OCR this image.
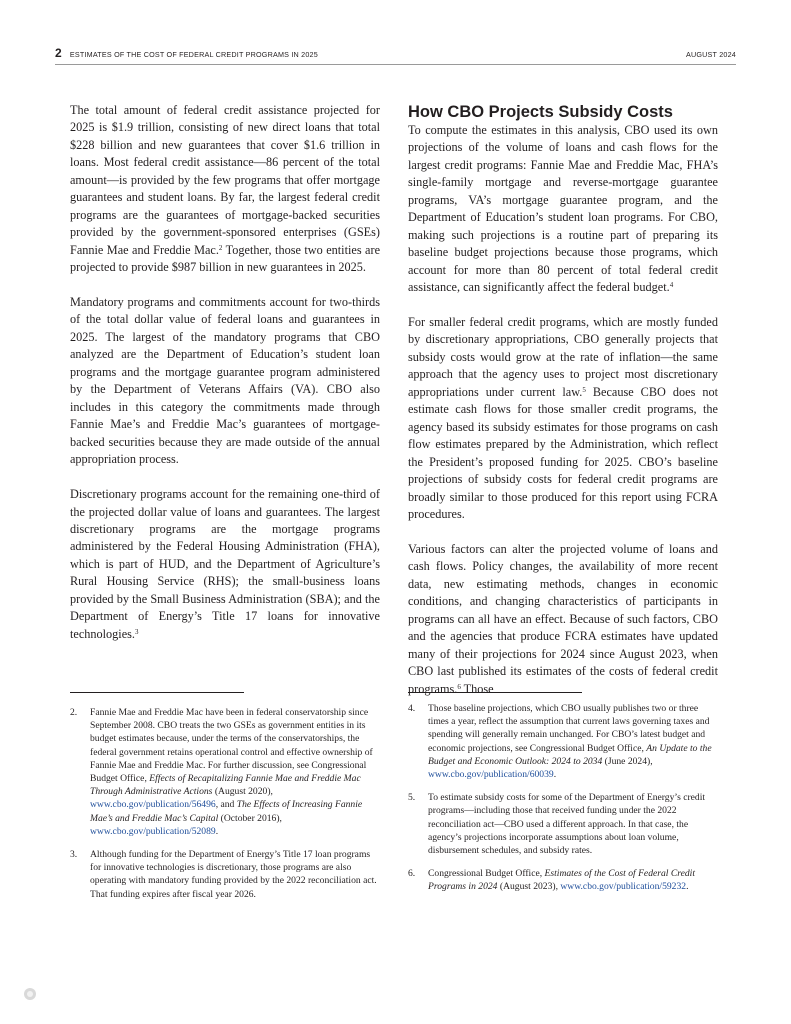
2 ESTIMATES OF THE COST OF FEDERAL CREDIT PROGRAMS IN 2025	AUGUST 2024

The total amount of federal credit assistance projected for 2025 is $1.9 trillion, consisting of new direct loans that total $228 billion and new guarantees that cover $1.6 trillion in loans. Most federal credit assistance—86 percent of the total amount—is provided by the few programs that offer mortgage guarantees and student loans. By far, the largest federal credit programs are the guarantees of mortgage-backed securities provided by the government-sponsored enterprises (GSEs) Fannie Mae and Freddie Mac.$^2$ Together, those two entities are projected to provide $987 billion in new guarantees in 2025.

Mandatory programs and commitments account for two-thirds of the total dollar value of federal loans and guarantees in 2025. The largest of the mandatory programs that CBO analyzed are the Department of Education’s student loan programs and the mortgage guarantee program administered by the Department of Veterans Affairs (VA). CBO also includes in this category the commitments made through Fannie Mae’s and Freddie Mac’s guarantees of mortgage-backed securities because they are made outside of the annual appropriation process.

Discretionary programs account for the remaining one-third of the projected dollar value of loans and guarantees. The largest discretionary programs are the mortgage programs administered by the Federal Housing Administration (FHA), which is part of HUD, and the Department of Agriculture’s Rural Housing Service (RHS); the small-business loans provided by the Small Business Administration (SBA); and the Department of Energy’s Title 17 loans for innovative technologies.$^3$

How CBO Projects Subsidy Costs

To compute the estimates in this analysis, CBO used its own projections of the volume of loans and cash flows for the largest credit programs: Fannie Mae and Freddie Mac, FHA’s single-family mortgage and reverse-mortgage guarantee programs, VA’s mortgage guarantee program, and the Department of Education’s student loan programs. For CBO, making such projections is a routine part of preparing its baseline budget projections because those programs, which account for more than 80 percent of total federal credit assistance, can significantly affect the federal budget.$^4$

For smaller federal credit programs, which are mostly funded by discretionary appropriations, CBO generally projects that subsidy costs would grow at the rate of inflation—the same approach that the agency uses to project most discretionary appropriations under current law.$^5$ Because CBO does not estimate cash flows for those smaller credit programs, the agency based its subsidy estimates for those programs on cash flow estimates prepared by the Administration, which reflect the President’s proposed funding for 2025. CBO’s baseline projections of subsidy costs for federal credit programs are broadly similar to those produced for this report using FCRA procedures.

Various factors can alter the projected volume of loans and cash flows. Policy changes, the availability of more recent data, new estimating methods, changes in economic conditions, and changing characteristics of participants in programs can all have an effect. Because of such factors, CBO and the agencies that produce FCRA estimates have updated many of their projections for 2024 since August 2023, when CBO last published its estimates of the costs of federal credit programs.$^6$ Those

2.	Fannie Mae and Freddie Mac have been in federal conservatorship since September 2008. CBO treats the two GSEs as government entities in its budget estimates because, under the terms of the conservatorships, the federal government retains operational control and effective ownership of Fannie Mae and Freddie Mac. For further discussion, see Congressional Budget Office, Effects of Recapitalizing Fannie Mae and Freddie Mac Through Administrative Actions (August 2020), www.cbo.gov/publication/56496, and The Effects of Increasing Fannie Mae’s and Freddie Mac’s Capital (October 2016), www.cbo.gov/publication/52089.
3.	Although funding for the Department of Energy’s Title 17 loan programs for innovative technologies is discretionary, those programs are also operating with mandatory funding provided by the 2022 reconciliation act. That funding expires after fiscal year 2026.
4.	Those baseline projections, which CBO usually publishes two or three times a year, reflect the assumption that current laws governing taxes and spending will generally remain unchanged. For CBO’s latest budget and economic projections, see Congressional Budget Office, An Update to the Budget and Economic Outlook: 2024 to 2034 (June 2024), www.cbo.gov/publication/60039.
5.	To estimate subsidy costs for some of the Department of Energy’s credit programs—including those that received funding under the 2022 reconciliation act—CBO used a different approach. In that case, the agency’s projections incorporate assumptions about loan volume, disbursement schedules, and subsidy rates.
6.	Congressional Budget Office, Estimates of the Cost of Federal Credit Programs in 2024 (August 2023), www.cbo.gov/publication/59232.
